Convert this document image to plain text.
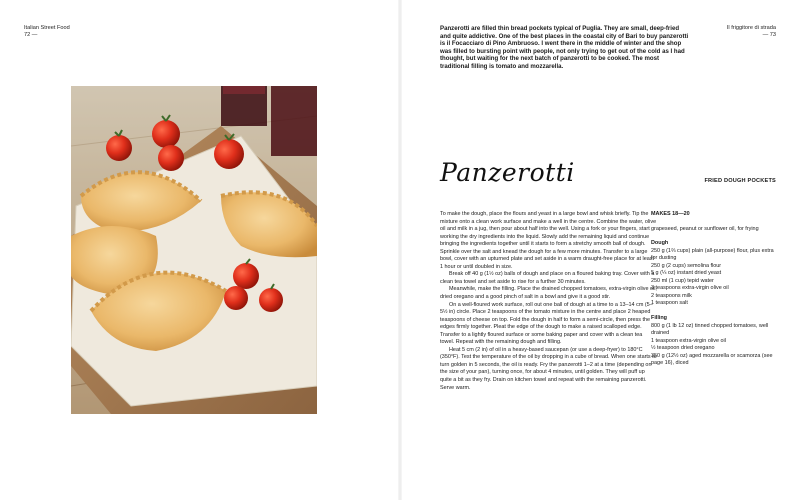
Italian Street Food
72 —
Il friggitore di strada
— 73

Panzerotti are filled thin bread pockets typical of Puglia. They are small, deep-fried and quite addictive. One of the best places in the coastal city of Bari to buy panzerotti is il Focacciaro di Pino Ambruoso. I went there in the middle of winter and the shop was filled to bursting point with people, not only trying to get out of the cold as I had thought, but waiting for the next batch of panzerotti to be cooked. The most traditional filling is tomato and mozzarella.

Panzerotti	FRIED DOUGH POCKETS

To make the dough, place the flours and yeast in a large bowl and whisk briefly. Tip the mixture onto a clean work surface and make a well in the centre. Combine the water, olive oil and milk in a jug, then pour about half into the well. Using a fork or your fingers, start working the dry ingredients into the liquid. Slowly add the remaining liquid and continue bringing the ingredients together until it starts to form a stretchy smooth ball of dough. Sprinkle over the salt and knead the dough for a few more minutes. Transfer to a large bowl, cover with an upturned plate and set aside in a warm draught-free place for at least 1 hour or until doubled in size.

Break off 40 g (1½ oz) balls of dough and place on a floured baking tray. Cover with a clean tea towel and set aside to rise for a further 30 minutes.

Meanwhile, make the filling. Place the drained chopped tomatoes, extra-virgin olive oil, dried oregano and a good pinch of salt in a bowl and give it a good stir.

On a well-floured work surface, roll out one ball of dough at a time to a 13–14 cm (5–5½ in) circle. Place 2 teaspoons of the tomato mixture in the centre and place 2 heaped teaspoons of cheese on top. Fold the dough in half to form a semi-circle, then press the edges firmly together. Pleat the edge of the dough to make a raised scalloped edge. Transfer to a lightly floured surface or some baking paper and cover with a clean tea towel. Repeat with the remaining dough and filling.

Heat 5 cm (2 in) of oil in a heavy-based saucepan (or use a deep-fryer) to 180°C (350°F). Test the temperature of the oil by dropping in a cube of bread. When one starts to turn golden in 5 seconds, the oil is ready. Fry the panzerotti 1–2 at a time (depending on the size of your pan), turning once, for about 4 minutes, until golden. They will puff up quite a bit as they fry. Drain on kitchen towel and repeat with the remaining panzerotti. Serve warm.

MAKES 18—20

grapeseed, peanut or sunflower oil, for frying

Dough

250 g (1⅔ cups) plain (all-purpose) flour, plus extra for dusting

250 g (2 cups) semolina flour

5 g (¼ oz) instant dried yeast

250 ml (1 cup) tepid water

3 teaspoons extra-virgin olive oil

2 teaspoons milk

1 teaspoon salt

Filling

800 g (1 lb 12 oz) tinned chopped tomatoes, well drained

1 teaspoon extra-virgin olive oil

½ teaspoon dried oregano

350 g (12½ oz) aged mozzarella or scamorza (see page 16), diced
